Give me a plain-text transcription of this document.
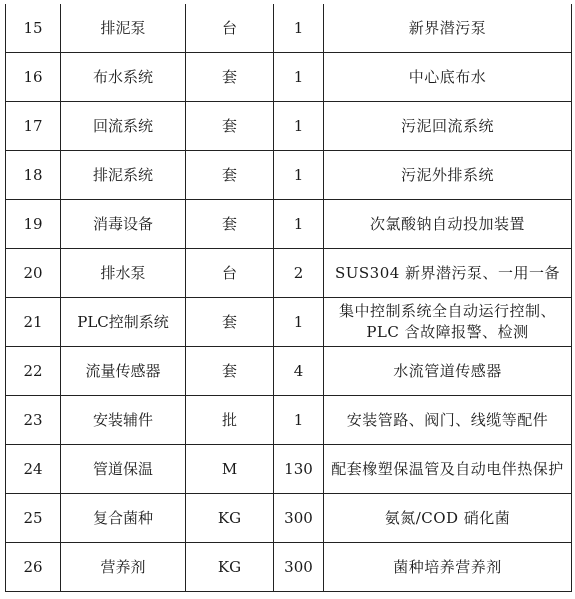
15	排泥泵	台	1	新界潜污泵
16	布水系统	套	1	中心底布水
17	回流系统	套	1	污泥回流系统
18	排泥系统	套	1	污泥外排系统
19	消毒设备	套	1	次氯酸钠自动投加装置
20	排水泵	台	2	SUS304 新界潜污泵、一用一备
21	PLC控制系统	套	1	集中控制系统全自动运行控制、PLC 含故障报警、检测
22	流量传感器	套	4	水流管道传感器
23	安装辅件	批	1	安装管路、阀门、线缆等配件
24	管道保温	M	130	配套橡塑保温管及自动电伴热保护
25	复合菌种	KG	300	氨氮/COD 硝化菌
26	营养剂	KG	300	菌种培养营养剂
